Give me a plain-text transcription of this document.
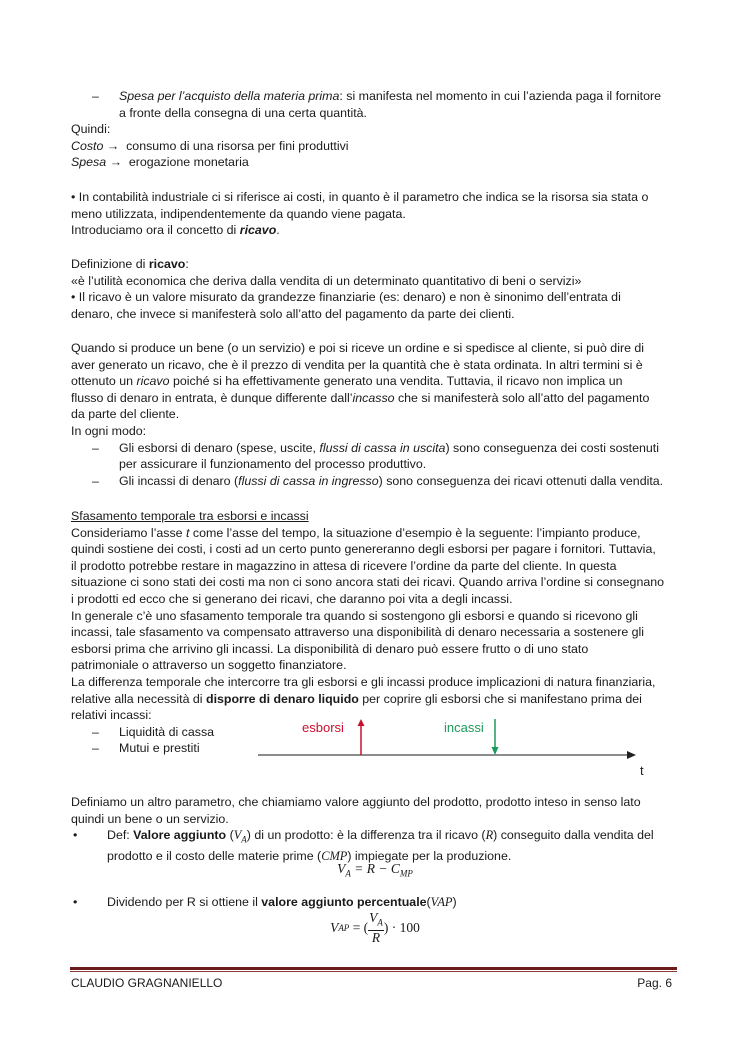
– Spesa per l’acquisto della materia prima: si manifesta nel momento in cui l’azienda paga il fornitore
a fronte della consegna di una certa quantità.
Quindi:
Costo →  consumo di una risorsa per fini produttivi
Spesa →  erogazione monetaria
• In contabilità industriale ci si riferisce ai costi, in quanto è il parametro che indica se la risorsa sia stata o
meno utilizzata, indipendentemente da quando viene pagata.
Introduciamo ora il concetto di ricavo.
Definizione di ricavo:
«è l’utilità economica che deriva dalla vendita di un determinato quantitativo di beni o servizi»
• Il ricavo è un valore misurato da grandezze finanziarie (es: denaro) e non è sinonimo dell’entrata di
denaro, che invece si manifesterà solo all’atto del pagamento da parte dei clienti.
Quando si produce un bene (o un servizio) e poi si riceve un ordine e si spedisce al cliente, si può dire di
aver generato un ricavo, che è il prezzo di vendita per la quantità che è stata ordinata. In altri termini si è
ottenuto un ricavo poiché si ha effettivamente generato una vendita. Tuttavia, il ricavo non implica un
flusso di denaro in entrata, è dunque differente dall’incasso che si manifesterà solo all’atto del pagamento
da parte del cliente.
In ogni modo:
– Gli esborsi di denaro (spese, uscite, flussi di cassa in uscita) sono conseguenza dei costi sostenuti
per assicurare il funzionamento del processo produttivo.
– Gli incassi di denaro (flussi di cassa in ingresso) sono conseguenza dei ricavi ottenuti dalla vendita.
Sfasamento temporale tra esborsi e incassi
Consideriamo l’asse t come l’asse del tempo, la situazione d’esempio è la seguente: l’impianto produce,
quindi sostiene dei costi, i costi ad un certo punto genereranno degli esborsi per pagare i fornitori. Tuttavia,
il prodotto potrebbe restare in magazzino in attesa di ricevere l’ordine da parte del cliente. In questa
situazione ci sono stati dei costi ma non ci sono ancora stati dei ricavi. Quando arriva l’ordine si consegnano
i prodotti ed ecco che si generano dei ricavi, che daranno poi vita a degli incassi.
In generale c’è uno sfasamento temporale tra quando si sostengono gli esborsi e quando si ricevono gli
incassi, tale sfasamento va compensato attraverso una disponibilità di denaro necessaria a sostenere gli
esborsi prima che arrivino gli incassi. La disponibilità di denaro può essere frutto o di uno stato
patrimoniale o attraverso un soggetto finanziatore.
La differenza temporale che intercorre tra gli esborsi e gli incassi produce implicazioni di natura finanziaria,
relative alla necessità di disporre di denaro liquido per coprire gli esborsi che si manifestano prima dei
relativi incassi:
– Liquidità di cassa
– Mutui e prestiti
esborsi	incassi
t
Definiamo un altro parametro, che chiamiamo valore aggiunto del prodotto, prodotto inteso in senso lato
quindi un bene o un servizio.
• Def: Valore aggiunto $(V_A)$ di un prodotto: è la differenza tra il ricavo (R) conseguito dalla vendita del
prodotto e il costo delle materie prime (CMP) impiegate per la produzione.
$V_A = R - C_{MP}$
• Dividendo per R si ottiene il valore aggiunto percentuale(VAP)
V AP = ( $\frac{V_A}{R}$ ) · 100
CLAUDIO GRAGNANIELLO	Pag. 6
